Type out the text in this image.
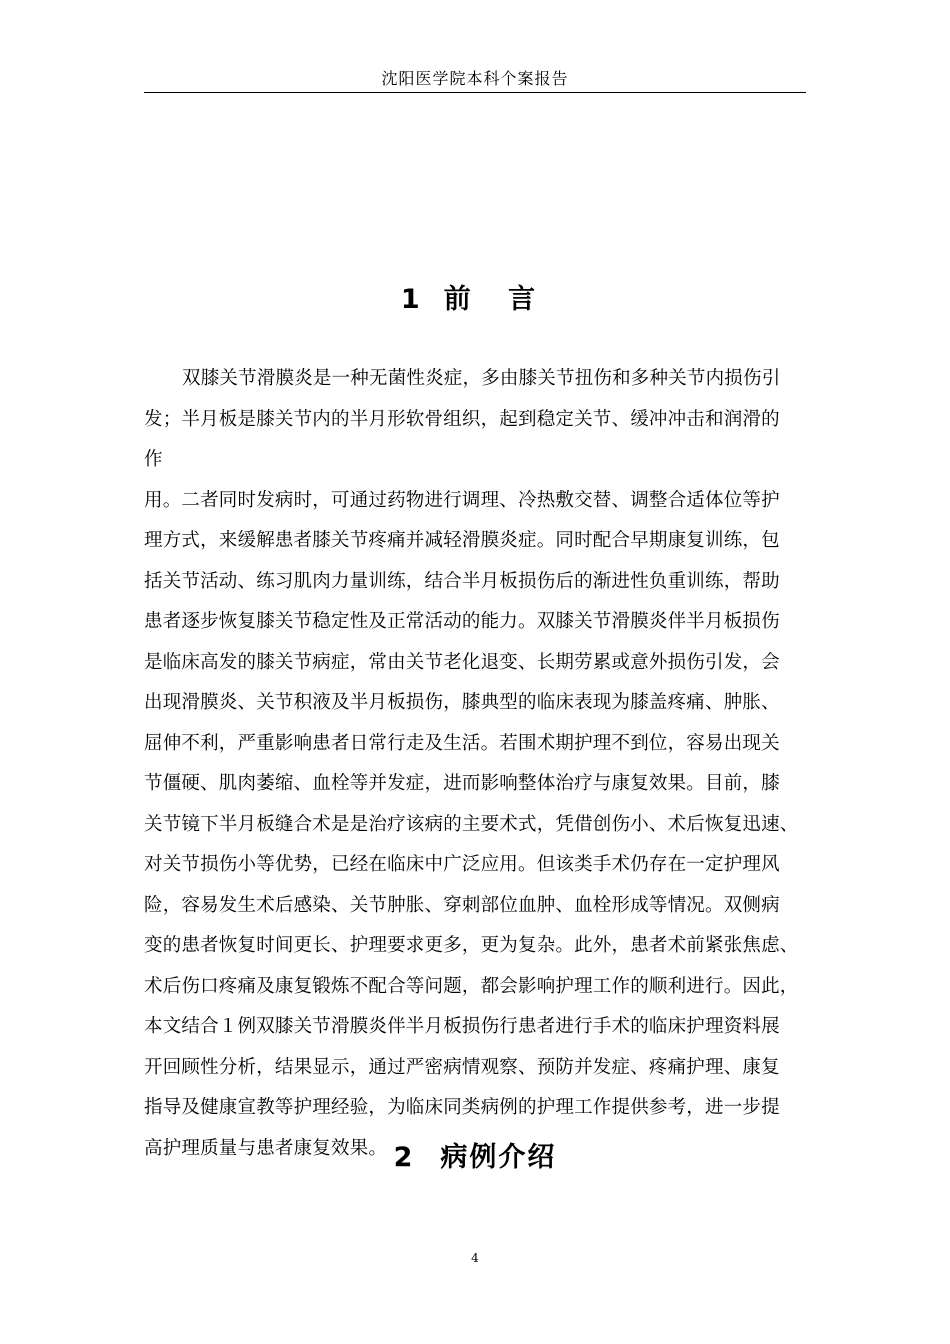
沈阳医学院本科个案报告
1 前 言
双膝关节滑膜炎是一种无菌性炎症，多由膝关节扭伤和多种关节内损伤引
发；半月板是膝关节内的半月形软骨组织，起到稳定关节、缓冲冲击和润滑的
作
用。二者同时发病时，可通过药物进行调理、冷热敷交替、调整合适体位等护
理方式，来缓解患者膝关节疼痛并减轻滑膜炎症。同时配合早期康复训练，包
括关节活动、练习肌肉力量训练，结合半月板损伤后的渐进性负重训练，帮助
患者逐步恢复膝关节稳定性及正常活动的能力。双膝关节滑膜炎伴半月板损伤
是临床高发的膝关节病症，常由关节老化退变、长期劳累或意外损伤引发，会
出现滑膜炎、关节积液及半月板损伤，膝典型的临床表现为膝盖疼痛、肿胀、
屈伸不利，严重影响患者日常行走及生活。若围术期护理不到位，容易出现关
节僵硬、肌肉萎缩、血栓等并发症，进而影响整体治疗与康复效果。目前，膝
关节镜下半月板缝合术是是治疗该病的主要术式，凭借创伤小、术后恢复迅速、
对关节损伤小等优势，已经在临床中广泛应用。但该类手术仍存在一定护理风
险，容易发生术后感染、关节肿胀、穿刺部位血肿、血栓形成等情况。双侧病
变的患者恢复时间更长、护理要求更多，更为复杂。此外，患者术前紧张焦虑、
术后伤口疼痛及康复锻炼不配合等问题，都会影响护理工作的顺利进行。因此，
本文结合１例双膝关节滑膜炎伴半月板损伤行患者进行手术的临床护理资料展
开回顾性分析，结果显示，通过严密病情观察、预防并发症、疼痛护理、康复
指导及健康宣教等护理经验，为临床同类病例的护理工作提供参考，进一步提
高护理质量与患者康复效果。 2 病例介绍
4
